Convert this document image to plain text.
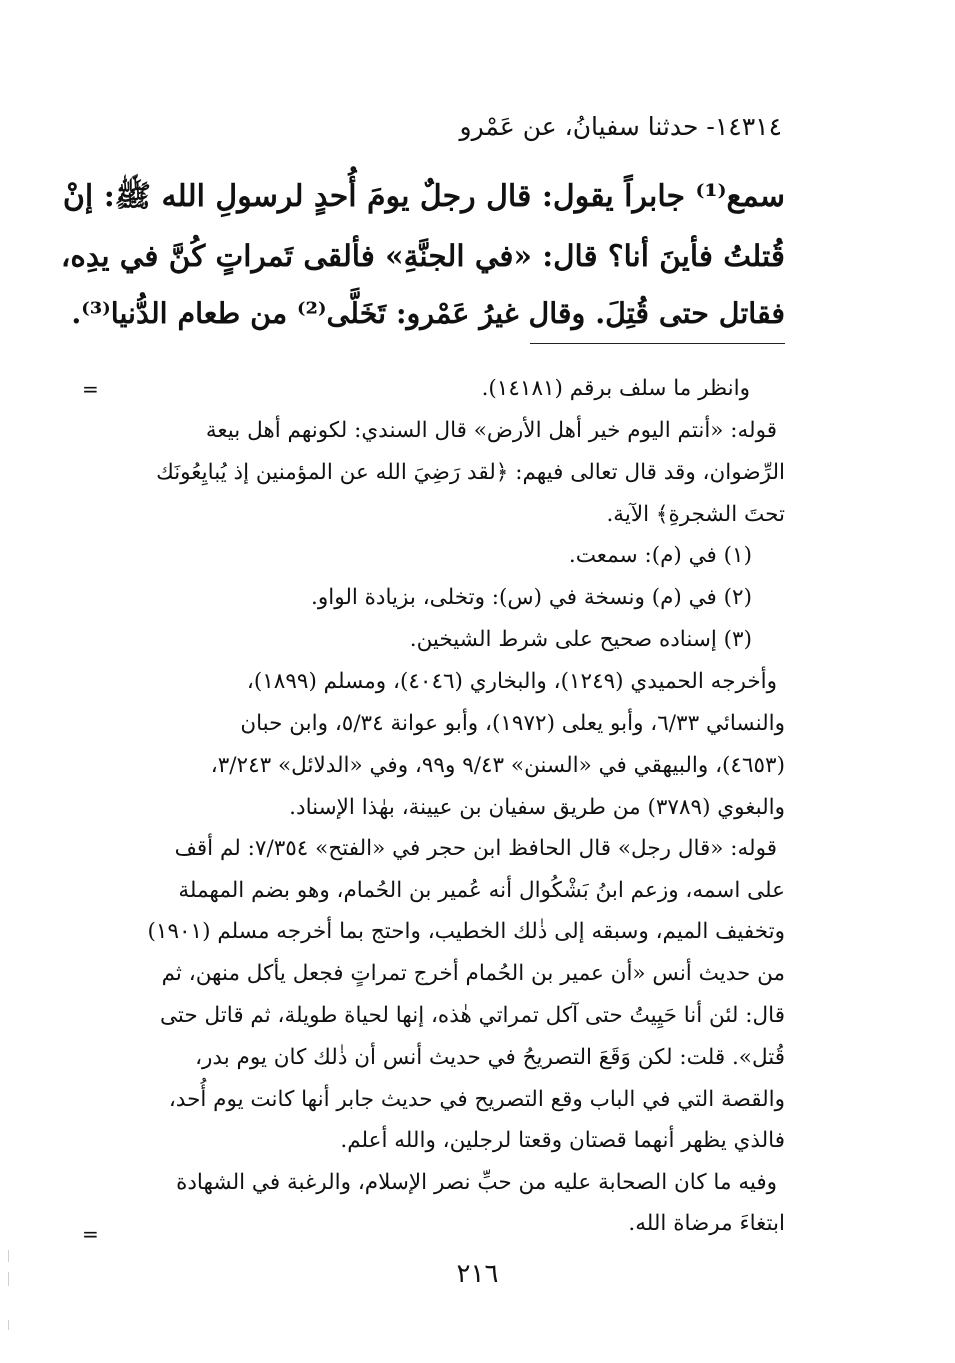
١٤٣١٤- حدثنا سفيانُ، عن عَمْرو
سمع⁽¹⁾ جابراً يقول: قال رجلٌ يومَ أُحدٍ لرسولِ الله ﷺ: إنْ
قُتلتُ فأينَ أنا؟ قال: «في الجنَّةِ» فألقى تَمراتٍ كُنَّ في يدِه،
فقاتل حتى قُتِلَ. وقال غيرُ عَمْرو: تَخَلَّى⁽²⁾ من طعام الدُّنيا⁽³⁾.
=	وانظر ما سلف برقم (١٤١٨١).
قوله: «أنتم اليوم خير أهل الأرض» قال السندي: لكونهم أهل بيعة
الرِّضوان، وقد قال تعالى فيهم: ﴿لقد رَضِيَ الله عن المؤمنين إذ يُبايِعُونَك
تحتَ الشجرةِ﴾ الآية.
(١) في (م): سمعت.
(٢) في (م) ونسخة في (س): وتخلى، بزيادة الواو.
(٣) إسناده صحيح على شرط الشيخين.
وأخرجه الحميدي (١٢٤٩)، والبخاري (٤٠٤٦)، ومسلم (١٨٩٩)،
والنسائي ٦/٣٣، وأبو يعلى (١٩٧٢)، وأبو عوانة ٥/٣٤، وابن حبان
(٤٦٥٣)، والبيهقي في «السنن» ٩/٤٣ و٩٩، وفي «الدلائل» ٣/٢٤٣،
والبغوي (٣٧٨٩) من طريق سفيان بن عيينة، بهٰذا الإسناد.
قوله: «قال رجل» قال الحافظ ابن حجر في «الفتح» ٧/٣٥٤: لم أقف
على اسمه، وزعم ابنُ بَشْكُوال أنه عُمير بن الحُمام، وهو بضم المهملة
وتخفيف الميم، وسبقه إلى ذٰلك الخطيب، واحتج بما أخرجه مسلم (١٩٠١)
من حديث أنس «أن عمير بن الحُمام أخرج تمراتٍ فجعل يأكل منهن، ثم
قال: لئن أنا حَيِيتُ حتى آكل تمراتي هٰذه، إنها لحياة طويلة، ثم قاتل حتى
قُتل». قلت: لكن وَقَعَ التصريحُ في حديث أنس أن ذٰلك كان يوم بدر،
والقصة التي في الباب وقع التصريح في حديث جابر أنها كانت يوم أُحد،
فالذي يظهر أنهما قصتان وقعتا لرجلين، والله أعلم.
وفيه ما كان الصحابة عليه من حبِّ نصر الإسلام، والرغبة في الشهادة
ابتغاءَ مرضاة الله.
=
٢١٦
